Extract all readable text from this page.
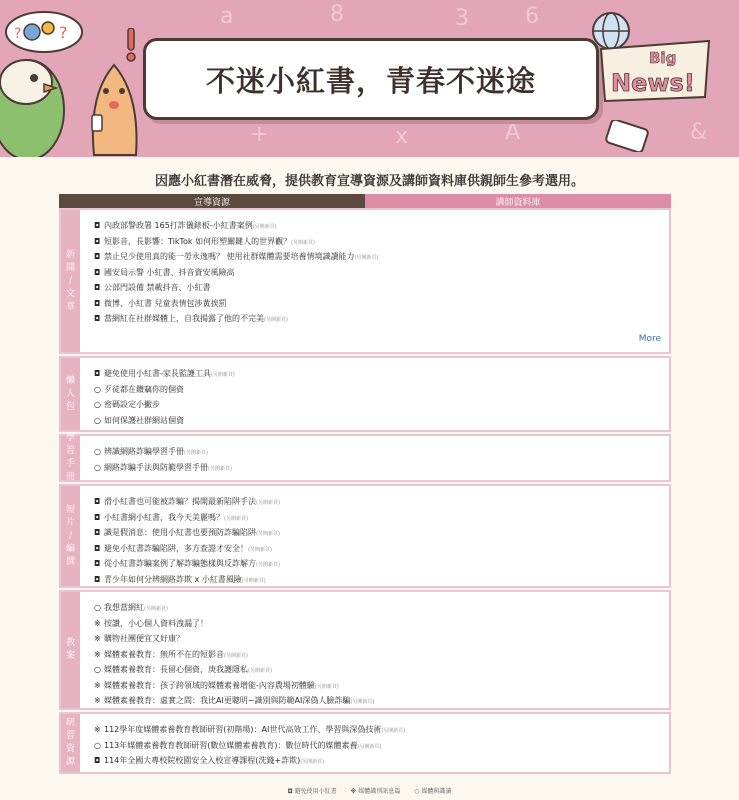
a	8	3	6
+	x	A	&
?
?
不迷小紅書，青春不迷途
Big
News!
因應小紅書潛在威脅，提供教育宣導資源及講師資料庫供親師生參考選用。
宣導資源	講師資料庫
新
聞
/
文
章
◘ 內政部警政署 165打詐儀錶板-小紅書案例(另開新頁)
◘ 短影音，長影響：TikTok 如何形塑關鍵人的世界觀？(另開新頁)
◘ 禁止兒少使用真的能一勞永逸嗎？ 使用社群媒體需要培養情境識讀能力(另開新頁)
◘ 國安局示警 小紅書、抖音資安風險高
◘ 公部門設備 禁載抖音、小紅書
◘ 微博、小紅書 兒童表情包涉黃挨罰
◘ 當網紅在社群媒體上，自我揭露了他的不完美(另開新頁)
More
懶
人
包
◘ 避免使用小紅書-家長監護工具(另開新頁)
○ 歹徒都在鑽竊你的個資
○ 密碼設定小撇步
○ 如何保護社群網站個資
學
習
手
冊
○ 辨識網路詐騙學習手冊(另開新頁)
○ 網路詐騙手法與防範學習手冊(另開新頁)
短
片
/
編
撰
◘ 滑小紅書也可能被詐騙？揭開最新陷阱手法(另開新頁)
◘ 小紅書網小紅書，我今天美麗嗎？(另開新頁)
◘ 識是假消息：使用小紅書也要預防詐騙陷阱(另開新頁)
◘ 避免小紅書詐騙陷阱，多方查證才安全！(另開新頁)
◘ 從小紅書詐騙案例了解詐騙態樣與反詐解方(另開新頁)
◘ 青少年如何分辨網路詐欺 x 小紅書風險(另開新頁)
教
案
○ 我想當網紅(另開新頁)
※ 按讚，小心個人資料洩漏了！
※ 購物社團便宜又好康？
※ 媒體素養教育：無所不在的短影音(另開新頁)
○ 媒體素養教育：長留心個資，庚我護隱私(另開新頁)
※ 媒體素養教育：孩子跨領域的媒體素養增能-內容農場初體驗(另開新頁)
※ 媒體素養教育：虛實之間：我比AI更聰明~識別與防範AI深偽人臉詐騙(另開新頁)
研
習
資
源
※ 112學年度媒體素養教育教師研習(初階場)：AI世代高效工作、學習與深偽技術(另開新頁)
○ 113年媒體素養教育教師研習(數位媒體素養教育)：數位時代的媒體素養(另開新頁)
◘ 114年全國大專校院校園安全入校宣導課程(洗錢+詐欺)(另開新頁)
◘ 避免使用小紅書 ※ 媒體識別訊息篇 ○ 媒體與識讀
